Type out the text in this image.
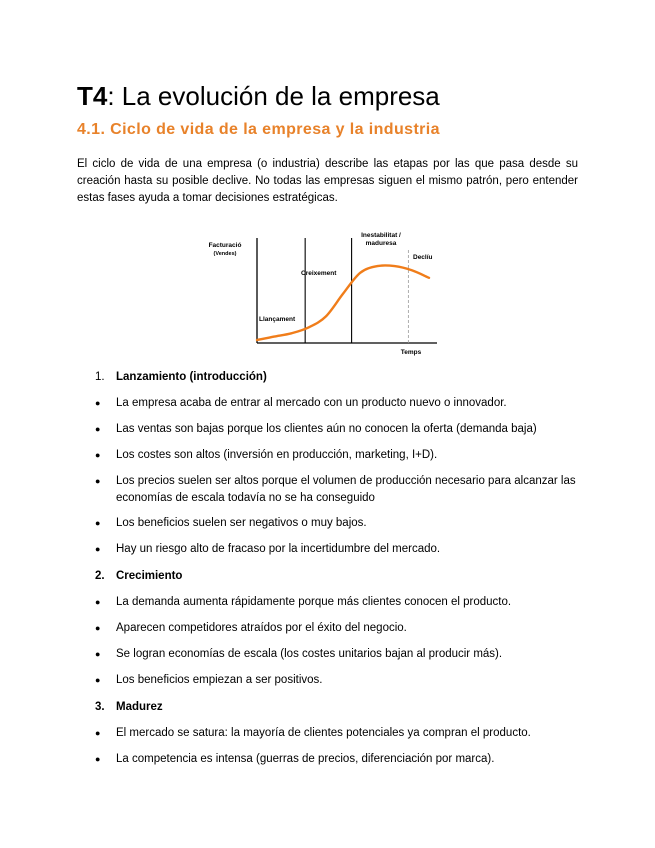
T4: La evolución de la empresa
4.1. Ciclo de vida de la empresa y la industria

El ciclo de vida de una empresa (o industria) describe las etapas por las que pasa desde su creación hasta su posible declive. No todas las empresas siguen el mismo patrón, pero entender estas fases ayuda a tomar decisiones estratégicas.

Facturació
(Vendes)
Temps
Llançament
Creixement
Inestabilitat /
maduresa
Declíu
1. Lanzamiento (introducción)
● La empresa acaba de entrar al mercado con un producto nuevo o innovador.
● Las ventas son bajas porque los clientes aún no conocen la oferta (demanda baja)
● Los costes son altos (inversión en producción, marketing, I+D).
●	Los precios suelen ser altos porque el volumen de producción necesario para alcanzar las economías de escala todavía no se ha conseguido
● Los beneficios suelen ser negativos o muy bajos.
● Hay un riesgo alto de fracaso por la incertidumbre del mercado.
2. Crecimiento
● La demanda aumenta rápidamente porque más clientes conocen el producto.
● Aparecen competidores atraídos por el éxito del negocio.
● Se logran economías de escala (los costes unitarios bajan al producir más).
● Los beneficios empiezan a ser positivos.
3. Madurez
● El mercado se satura: la mayoría de clientes potenciales ya compran el producto.
● La competencia es intensa (guerras de precios, diferenciación por marca).
